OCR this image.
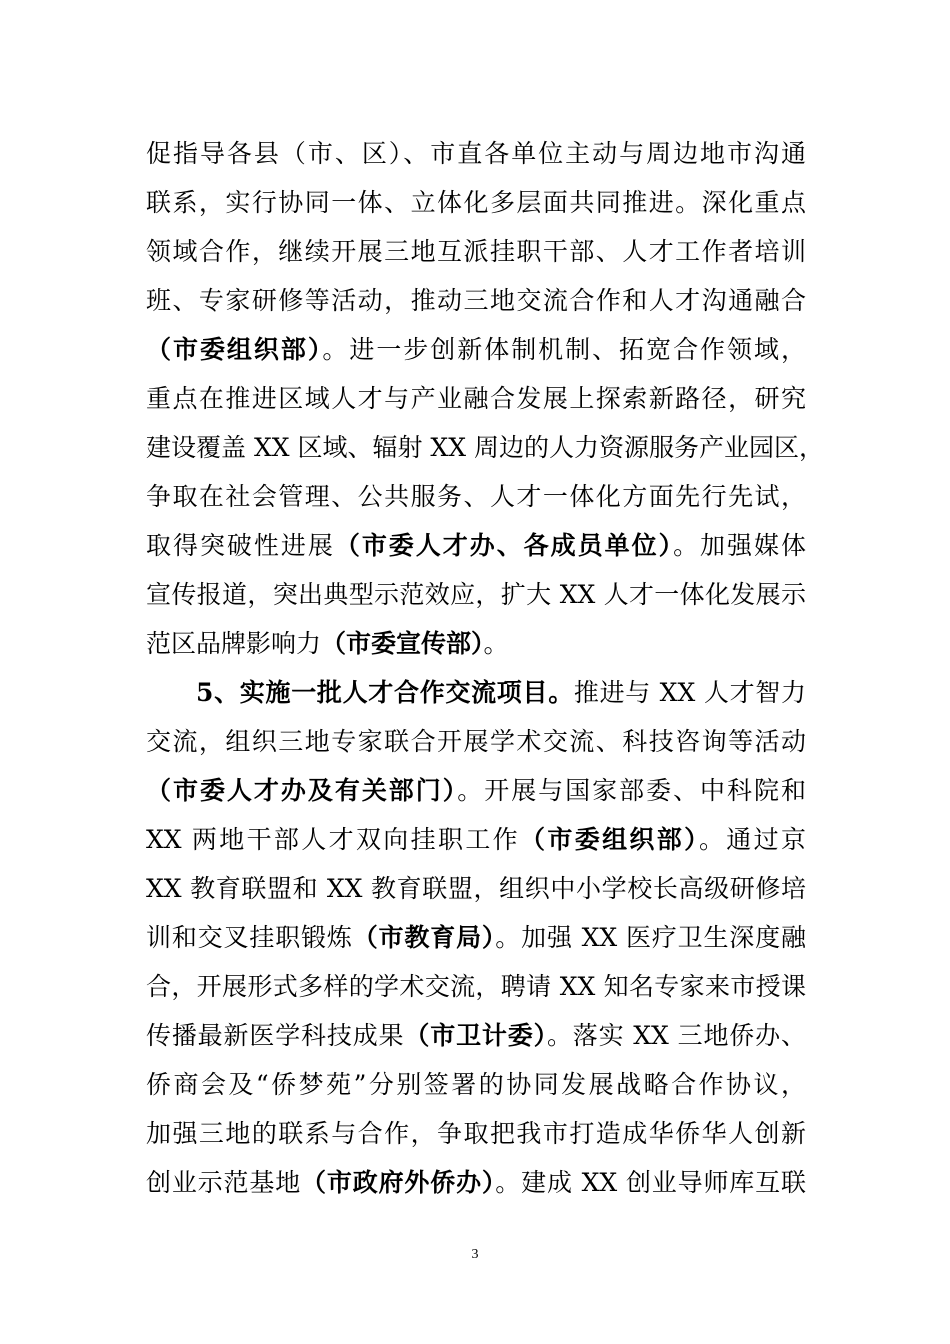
促指导各县（市、区）、市直各单位主动与周边地市沟通
联系，实行协同一体、立体化多层面共同推进。深化重点
领域合作，继续开展三地互派挂职干部、人才工作者培训
班、专家研修等活动，推动三地交流合作和人才沟通融合
（市委组织部）。进一步创新体制机制、拓宽合作领域，
重点在推进区域人才与产业融合发展上探索新路径，研究
建设覆盖 XX 区域、辐射 XX 周边的人力资源服务产业园区，
争取在社会管理、公共服务、人才一体化方面先行先试，
取得突破性进展（市委人才办、各成员单位）。加强媒体
宣传报道，突出典型示范效应，扩大 XX 人才一体化发展示
范区品牌影响力（市委宣传部）。
5、实施一批人才合作交流项目。推进与 XX 人才智力
交流，组织三地专家联合开展学术交流、科技咨询等活动
（市委人才办及有关部门）。开展与国家部委、中科院和
XX 两地干部人才双向挂职工作（市委组织部）。通过京
XX 教育联盟和 XX 教育联盟，组织中小学校长高级研修培
训和交叉挂职锻炼（市教育局）。加强 XX 医疗卫生深度融
合，开展形式多样的学术交流，聘请 XX 知名专家来市授课
传播最新医学科技成果（市卫计委）。落实 XX 三地侨办、
侨商会及“侨梦苑”分别签署的协同发展战略合作协议，
加强三地的联系与合作，争取把我市打造成华侨华人创新
创业示范基地（市政府外侨办）。建成 XX 创业导师库互联
3
